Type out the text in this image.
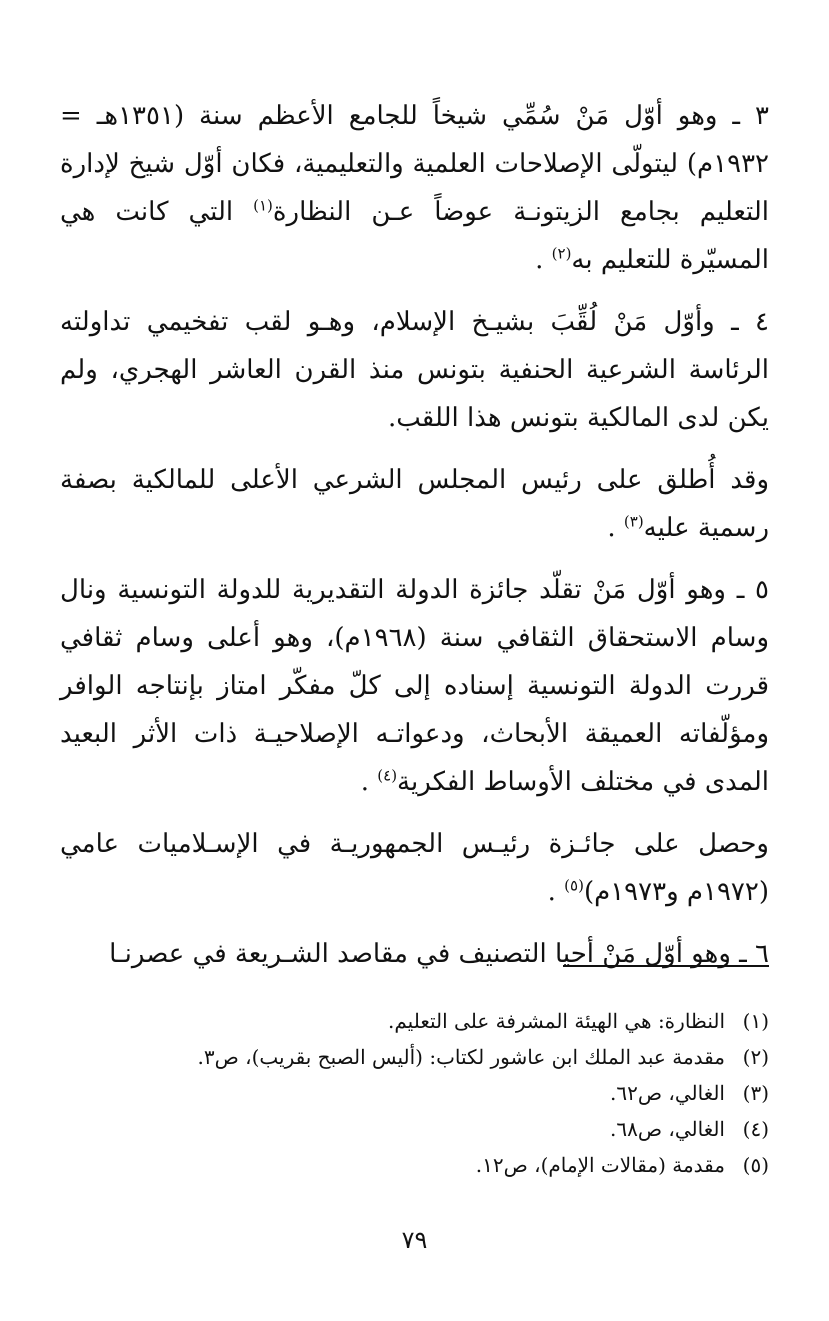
٣ ـ وهو أوّل مَنْ سُمِّي شيخاً للجامع الأعظم سنة (١٣٥١هـ = ١٩٣٢م) ليتولّى الإصلاحات العلمية والتعليمية، فكان أوّل شيخ لإدارة التعليم بجامع الزيتونـة عوضاً عـن النظارة$^{(١)}$ التي كانت هي المسيّرة للتعليم به$^{(٢)}$ .

٤ ـ وأوّل مَنْ لُقِّبَ بشيـخ الإسلام، وهـو لقب تفخيمي تداولته الرئاسة الشرعية الحنفية بتونس منذ القرن العاشر الهجري، ولم يكن لدى المالكية بتونس هذا اللقب.

وقد أُطلق على رئيس المجلس الشرعي الأعلى للمالكية بصفة رسمية عليه$^{(٣)}$ .

٥ ـ وهو أوّل مَنْ تقلّد جائزة الدولة التقديرية للدولة التونسية ونال وسام الاستحقاق الثقافي سنة (١٩٦٨م)، وهو أعلى وسام ثقافي قررت الدولة التونسية إسناده إلى كلّ مفكّر امتاز بإنتاجه الوافر ومؤلّفاته العميقة الأبحاث، ودعواتـه الإصلاحيـة ذات الأثر البعيد المدى في مختلف الأوساط الفكرية$^{(٤)}$ .

وحصل على جائـزة رئيـس الجمهوريـة في الإسـلاميات عامي (١٩٧٢م و١٩٧٣م)$^{(٥)}$ .

٦ ـ وهو أوّل مَنْ أحيا التصنيف في مقاصد الشـريعة في عصرنـا

(١)
النظارة: هي الهيئة المشرفة على التعليم.
(٢)
مقدمة عبد الملك ابن عاشور لكتاب: (أليس الصبح بقريب)، ص٣.
(٣)
الغالي، ص٦٢.
(٤)
الغالي، ص٦٨.
(٥)
مقدمة (مقالات الإمام)، ص١٢.
٧٩
